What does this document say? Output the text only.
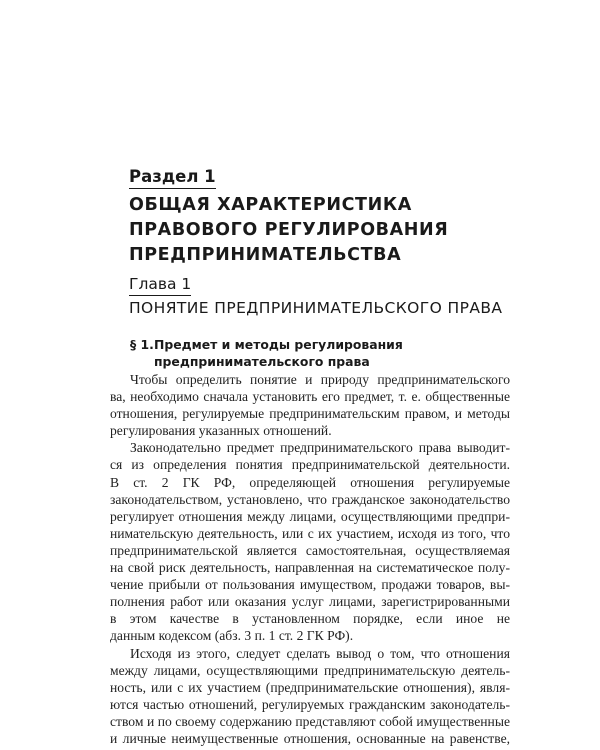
Раздел 1
ОБЩАЯ ХАРАКТЕРИСТИКА
ПРАВОВОГО РЕГУЛИРОВАНИЯ
ПРЕДПРИНИМАТЕЛЬСТВА
Глава 1
ПОНЯТИЕ ПРЕДПРИНИМАТЕЛЬСКОГО ПРАВА
§ 1.Предмет и методы регулирования
предпринимательского права
Чтобы определить понятие и природу предпринимательского
ва, необходимо сначала установить его предмет, т. е. общественные
отношения, регулируемые предпринимательским правом, и методы
регулирования указанных отношений.
Законодательно предмет предпринимательского права выводит-
ся из определения понятия предпринимательской деятельности.
В ст. 2 ГК РФ, определяющей отношения регулируемые
законодательством, установлено, что гражданское законодательство
регулирует отношения между лицами, осуществляющими предпри-
нимательскую деятельность, или с их участием, исходя из того, что
предпринимательской является самостоятельная, осуществляемая
на свой риск деятельность, направленная на систематическое полу-
чение прибыли от пользования имуществом, продажи товаров, вы-
полнения работ или оказания услуг лицами, зарегистрированными
в этом качестве в установленном порядке, если иное не
данным кодексом (абз. 3 п. 1 ст. 2 ГК РФ).
Исходя из этого, следует сделать вывод о том, что отношения
между лицами, осуществляющими предпринимательскую деятель-
ность, или с их участием (предпринимательские отношения), явля-
ются частью отношений, регулируемых гражданским законодатель-
ством и по своему содержанию представляют собой имущественные
и личные неимущественные отношения, основанные на равенстве,
